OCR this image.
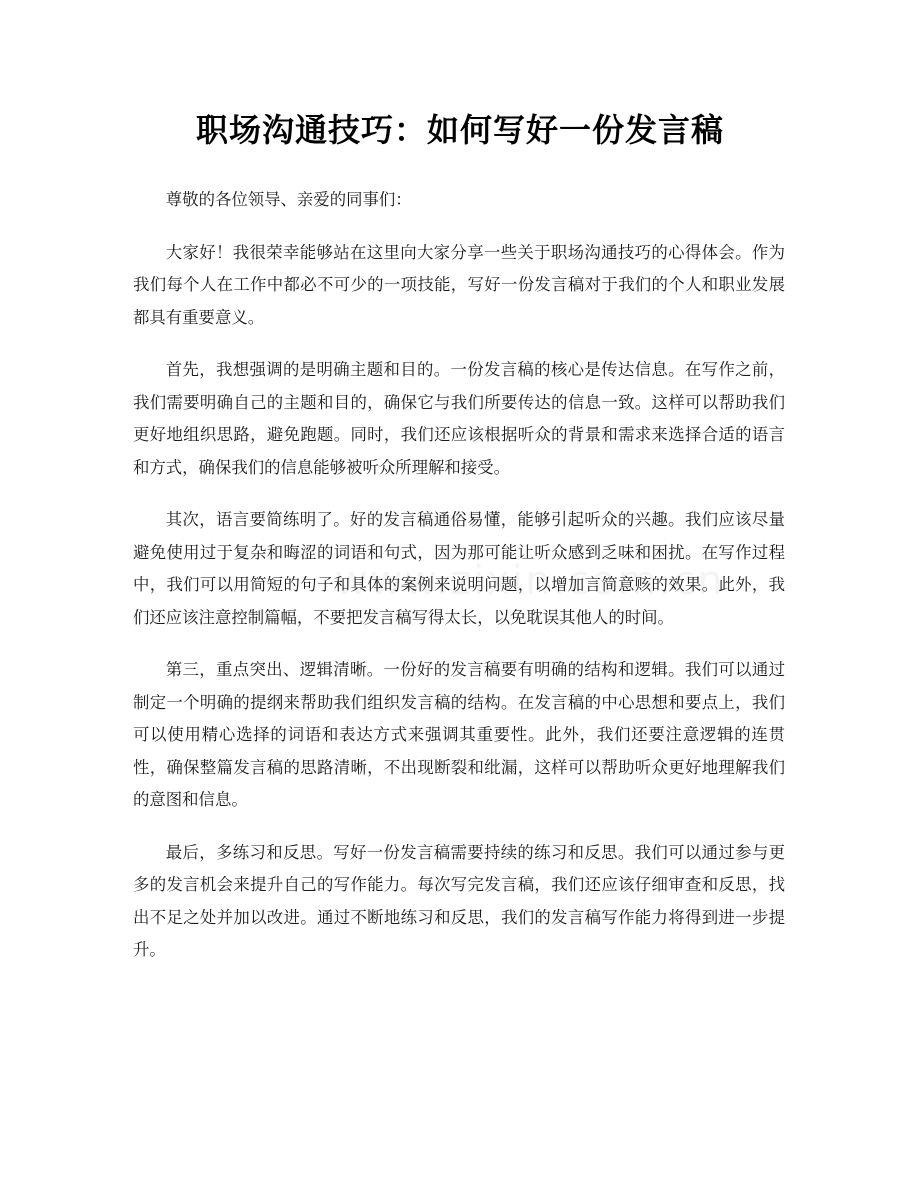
职场沟通技巧：如何写好一份发言稿

尊敬的各位领导、亲爱的同事们：

大家好！我很荣幸能够站在这里向大家分享一些关于职场沟通技巧的心得体会。作为我们每个人在工作中都必不可少的一项技能，写好一份发言稿对于我们的个人和职业发展都具有重要意义。

首先，我想强调的是明确主题和目的。一份发言稿的核心是传达信息。在写作之前，我们需要明确自己的主题和目的，确保它与我们所要传达的信息一致。这样可以帮助我们更好地组织思路，避免跑题。同时，我们还应该根据听众的背景和需求来选择合适的语言和方式，确保我们的信息能够被听众所理解和接受。

其次，语言要简练明了。好的发言稿通俗易懂，能够引起听众的兴趣。我们应该尽量避免使用过于复杂和晦涩的词语和句式，因为那可能让听众感到乏味和困扰。在写作过程中，我们可以用简短的句子和具体的案例来说明问题，以增加言简意赅的效果。此外，我们还应该注意控制篇幅，不要把发言稿写得太长，以免耽误其他人的时间。

第三，重点突出、逻辑清晰。一份好的发言稿要有明确的结构和逻辑。我们可以通过制定一个明确的提纲来帮助我们组织发言稿的结构。在发言稿的中心思想和要点上，我们可以使用精心选择的词语和表达方式来强调其重要性。此外，我们还要注意逻辑的连贯性，确保整篇发言稿的思路清晰，不出现断裂和纰漏，这样可以帮助听众更好地理解我们的意图和信息。

最后，多练习和反思。写好一份发言稿需要持续的练习和反思。我们可以通过参与更多的发言机会来提升自己的写作能力。每次写完发言稿，我们还应该仔细审查和反思，找出不足之处并加以改进。通过不断地练习和反思，我们的发言稿写作能力将得到进一步提升。
